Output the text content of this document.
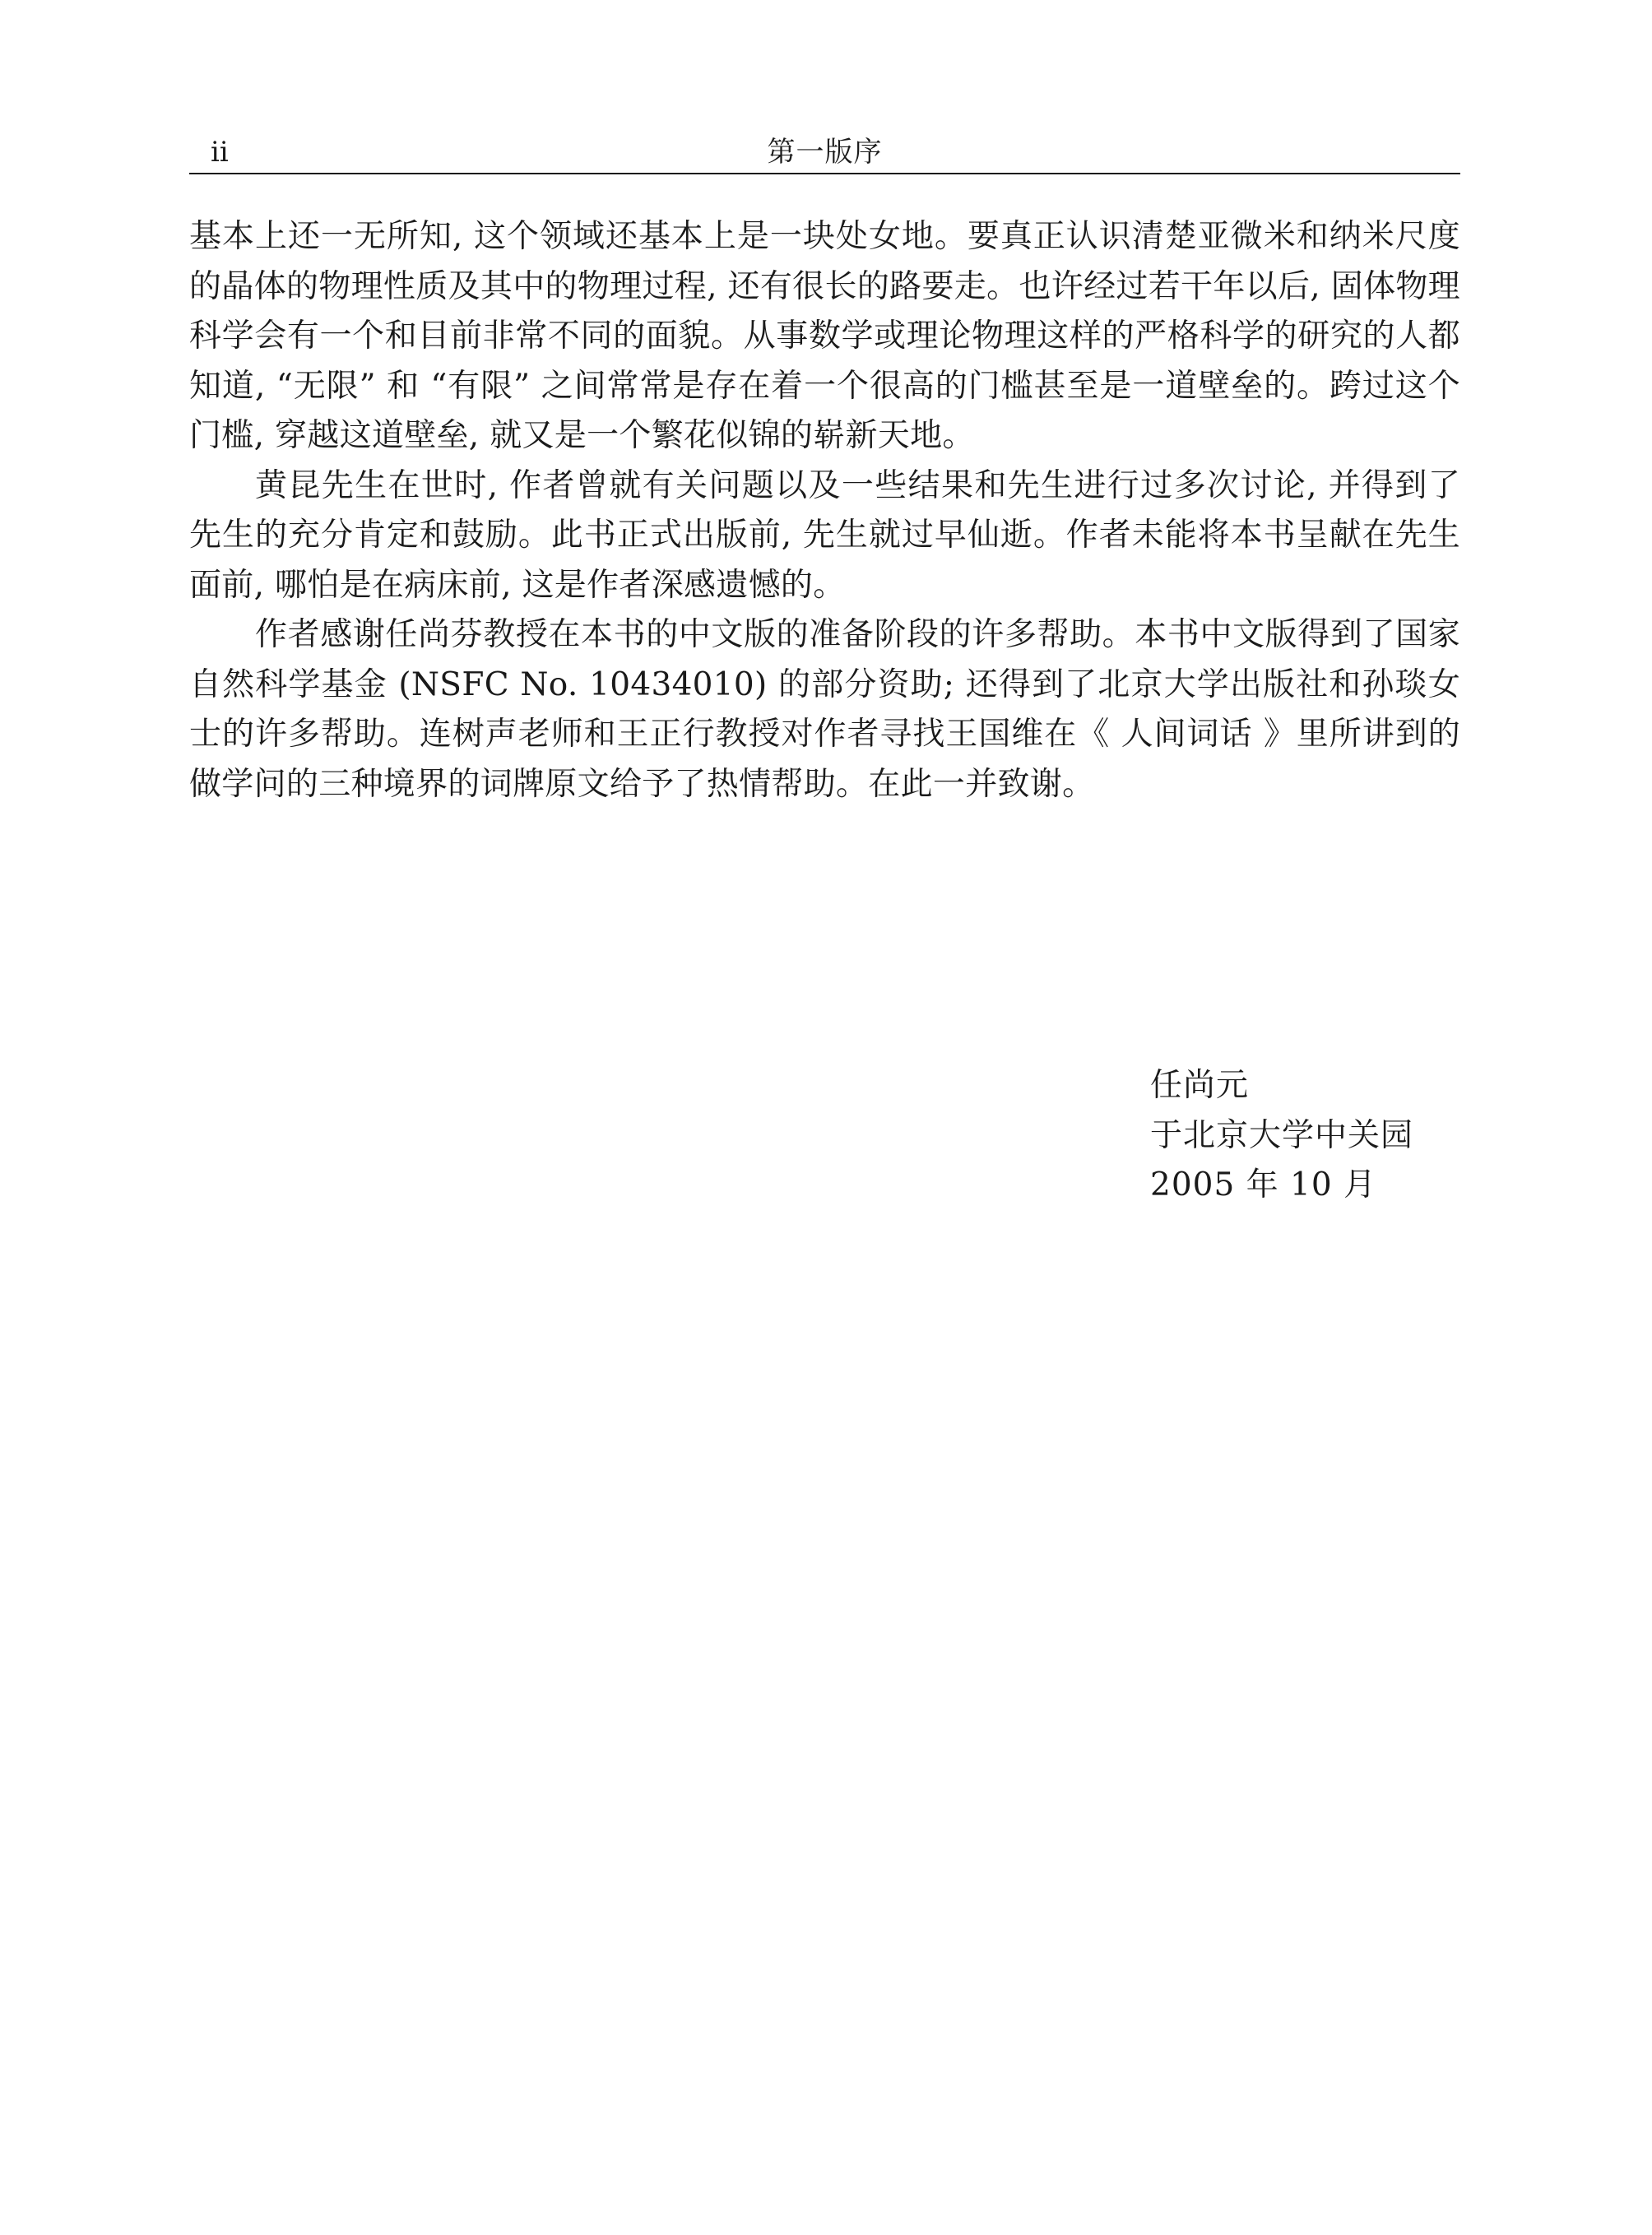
ii	第一版序

基本上还一无所知, 这个领域还基本上是一块处女地。要真正认识清楚亚微米和纳米尺度的晶体的物理性质及其中的物理过程, 还有很长的路要走。也许经过若干年以后, 固体物理科学会有一个和目前非常不同的面貌。从事数学或理论物理这样的严格科学的研究的人都知道, “无限” 和 “有限” 之间常常是存在着一个很高的门槛甚至是一道壁垒的。跨过这个门槛, 穿越这道壁垒, 就又是一个繁花似锦的崭新天地。

黄昆先生在世时, 作者曾就有关问题以及一些结果和先生进行过多次讨论, 并得到了先生的充分肯定和鼓励。此书正式出版前, 先生就过早仙逝。作者未能将本书呈献在先生面前, 哪怕是在病床前, 这是作者深感遗憾的。

作者感谢任尚芬教授在本书的中文版的准备阶段的许多帮助。本书中文版得到了国家自然科学基金 (NSFC No. 10434010) 的部分资助; 还得到了北京大学出版社和孙琰女士的许多帮助。连树声老师和王正行教授对作者寻找王国维在《 人间词话 》里所讲到的做学问的三种境界的词牌原文给予了热情帮助。在此一并致谢。

任尚元
于北京大学中关园
2005 年 10 月
